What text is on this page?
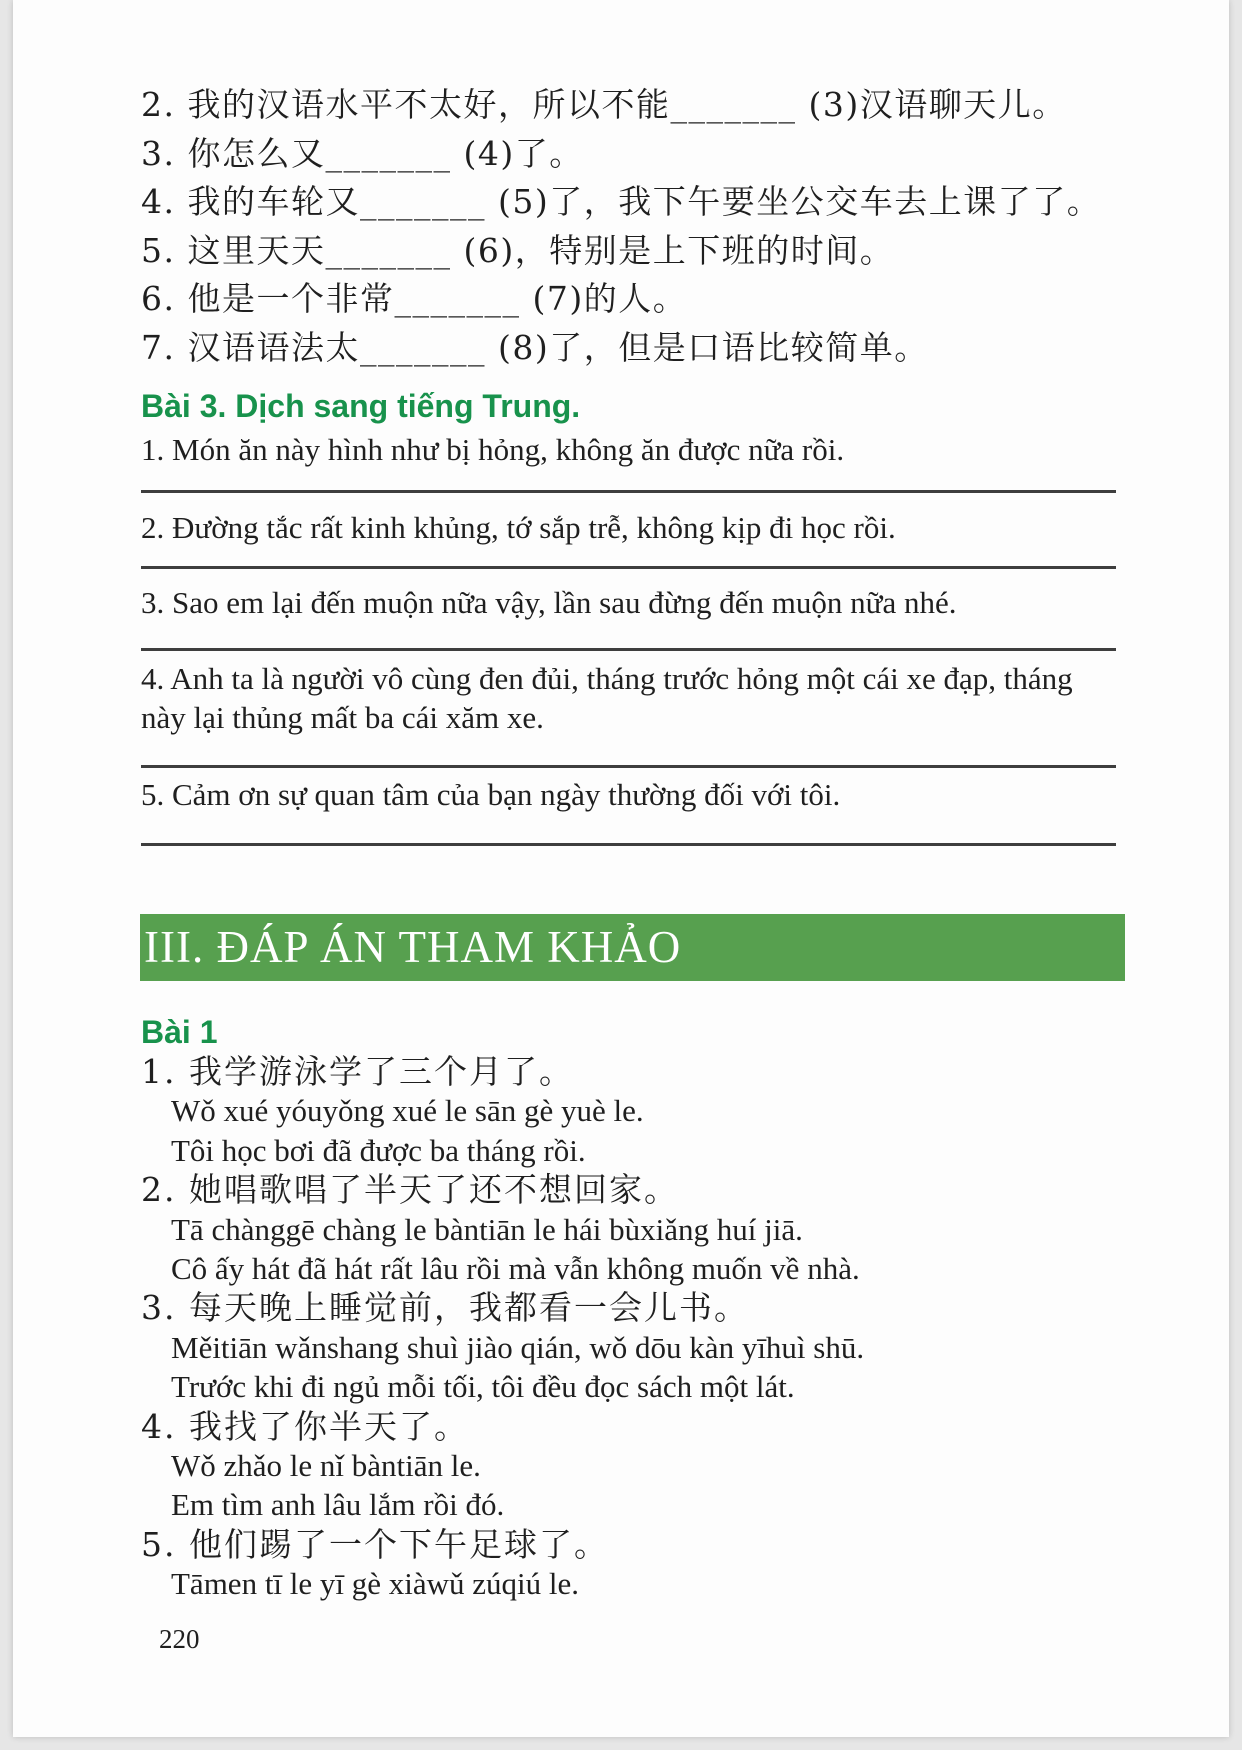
2. 我的汉语水平不太好，所以不能_______ (3)汉语聊天儿。
3. 你怎么又_______ (4)了。
4. 我的车轮又_______ (5)了，我下午要坐公交车去上课了了。
5. 这里天天_______ (6)，特别是上下班的时间。
6. 他是一个非常_______ (7)的人。
7. 汉语语法太_______ (8)了，但是口语比较简单。
Bài 3. Dịch sang tiếng Trung.
1. Món ăn này hình như bị hỏng, không ăn được nữa rồi.
2. Đường tắc rất kinh khủng, tớ sắp trễ, không kịp đi học rồi.
3. Sao em lại đến muộn nữa vậy, lần sau đừng đến muộn nữa nhé.
4. Anh ta là người vô cùng đen đủi, tháng trước hỏng một cái xe đạp, tháng này lại thủng mất ba cái xăm xe.
5. Cảm ơn sự quan tâm của bạn ngày thường đối với tôi.
III. ĐÁP ÁN THAM KHẢO
Bài 1
1. 我学游泳学了三个月了。
Wǒ xué yóuyǒng xué le sān gè yuè le.
Tôi học bơi đã được ba tháng rồi.
2. 她唱歌唱了半天了还不想回家。
Tā chànggē chàng le bàntiān le hái bùxiǎng huí jiā.
Cô ấy hát đã hát rất lâu rồi mà vẫn không muốn về nhà.
3. 每天晚上睡觉前，我都看一会儿书。
Měitiān wǎnshang shuì jiào qián, wǒ dōu kàn yīhuì shū.
Trước khi đi ngủ mỗi tối, tôi đều đọc sách một lát.
4. 我找了你半天了。
Wǒ zhǎo le nǐ bàntiān le.
Em tìm anh lâu lắm rồi đó.
5. 他们踢了一个下午足球了。
Tāmen tī le yī gè xiàwǔ zúqiú le.
220
